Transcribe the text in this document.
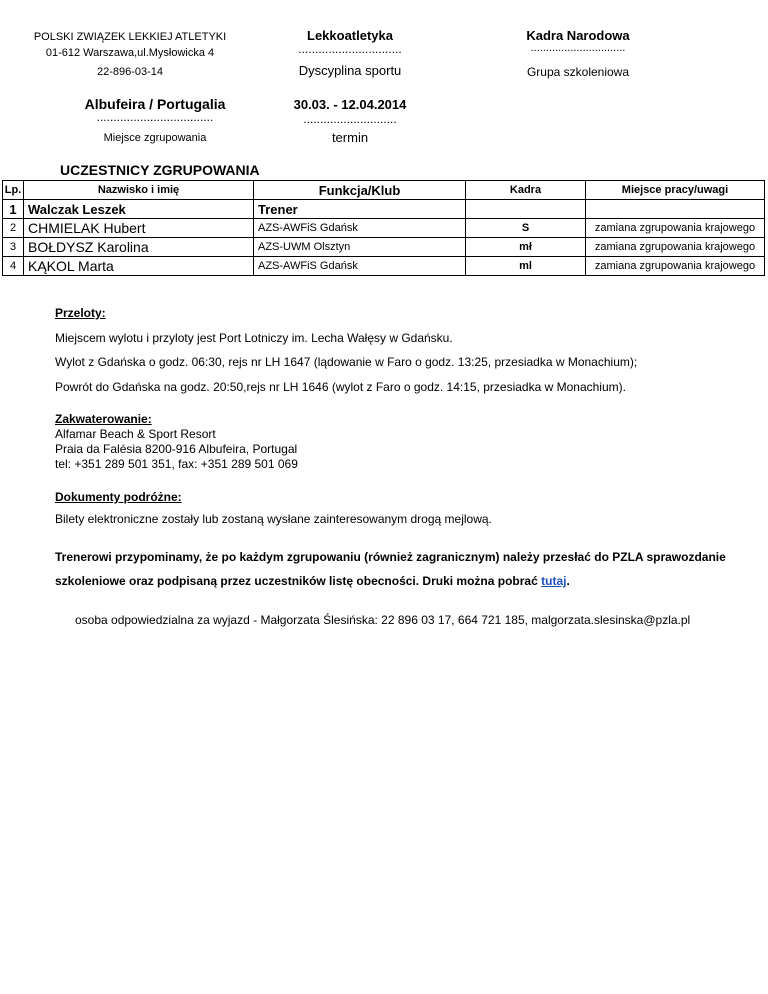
POLSKI ZWIĄZEK LEKKIEJ ATLETYKI
01-612 Warszawa,ul.Mysłowicka 4
22-896-03-14
Lekkoatletyka
...............................
Dyscyplina sportu
Kadra Narodowa
...............................
Grupa szkoleniowa
Albufeira / Portugalia
...................................
Miejsce zgrupowania
30.03. - 12.04.2014
............................
termin
UCZESTNICY ZGRUPOWANIA
Lp.	Nazwisko i imię	Funkcja/Klub	Kadra	Miejsce pracy/uwagi
1	Walczak Leszek	Trener		
2	CHMIELAK Hubert	AZS-AWFiS Gdańsk	S	zamiana zgrupowania krajowego
3	BOŁDYSZ Karolina	AZS-UWM Olsztyn	mł	zamiana zgrupowania krajowego
4	KĄKOL Marta	AZS-AWFiS Gdańsk	ml	zamiana zgrupowania krajowego
Przeloty:
Miejscem wylotu i przyloty jest Port Lotniczy im. Lecha Wałęsy w Gdańsku.
Wylot z Gdańska o godz. 06:30, rejs nr LH 1647 (lądowanie w Faro o godz. 13:25, przesiadka w Monachium);
Powrót do Gdańska na godz. 20:50,rejs nr LH 1646 (wylot z Faro o godz. 14:15, przesiadka w Monachium).
Zakwaterowanie:
Alfamar Beach & Sport Resort
Praia da Falésia 8200-916 Albufeira, Portugal
tel: +351 289 501 351, fax: +351 289 501 069
Dokumenty podróżne:
Bilety elektroniczne zostały lub zostaną wysłane zainteresowanym drogą mejlową.
Trenerowi przypominamy, że po każdym zgrupowaniu (również zagranicznym) należy przesłać do PZLA sprawozdanie
szkoleniowe oraz podpisaną przez uczestników listę obecności. Druki można pobrać tutaj.
osoba odpowiedzialna za wyjazd - Małgorzata Ślesińska: 22 896 03 17, 664 721 185, malgorzata.slesinska@pzla.pl
